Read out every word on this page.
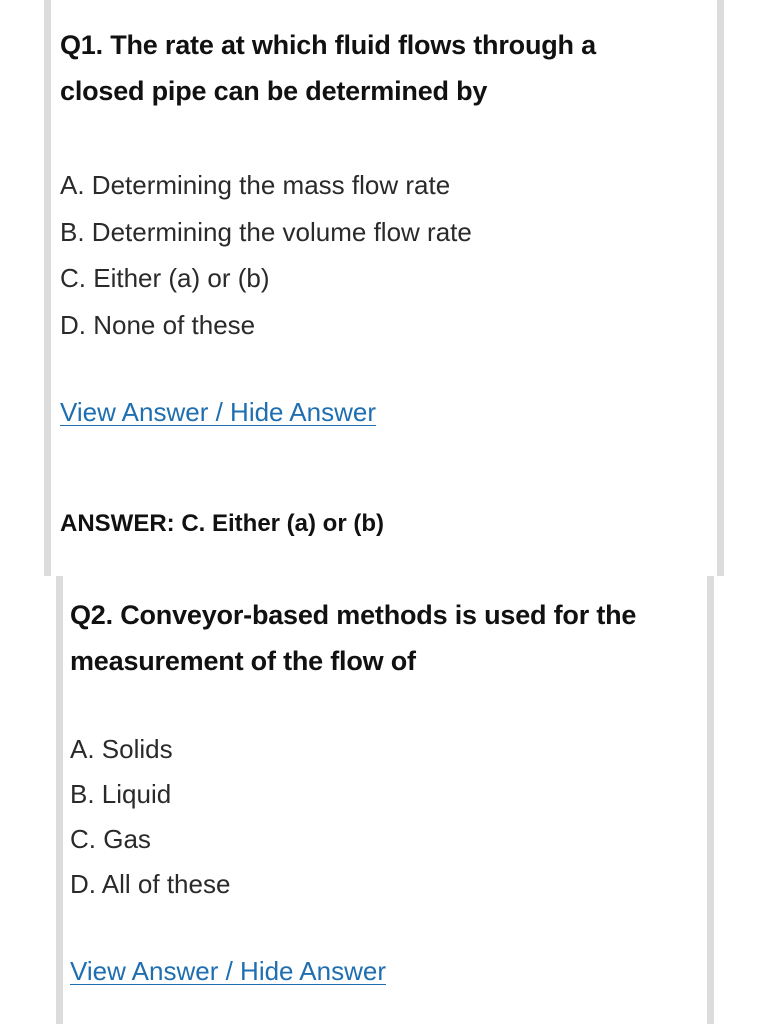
Q1. The rate at which fluid flows through a
closed pipe can be determined by
A. Determining the mass flow rate
B. Determining the volume flow rate
C. Either (a) or (b)
D. None of these
View Answer / Hide Answer
ANSWER: C. Either (a) or (b)
Q2. Conveyor-based methods is used for the
measurement of the flow of
A. Solids
B. Liquid
C. Gas
D. All of these
View Answer / Hide Answer
